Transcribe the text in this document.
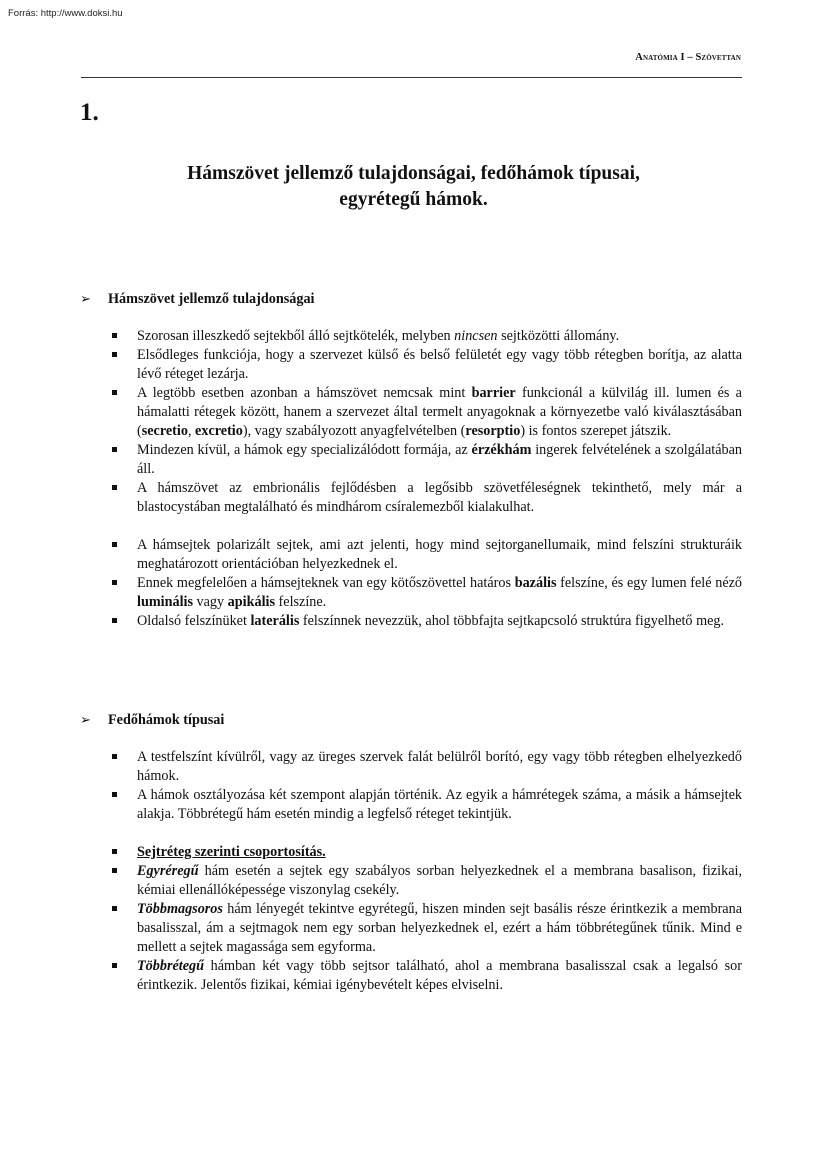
Forrás: http://www.doksi.hu
Anatómia I – Szövettan
1.
Hámszövet jellemző tulajdonságai, fedőhámok típusai,
egyrétegű hámok.
➢	Hámszövet jellemző tulajdonságai
Szorosan illeszkedő sejtekből álló sejtkötelék, melyben nincsen sejtközötti állomány.
Elsődleges funkciója, hogy a szervezet külső és belső felületét egy vagy több rétegben borítja, az alatta lévő réteget lezárja.
A legtöbb esetben azonban a hámszövet nemcsak mint barrier funkcionál a külvilág ill. lumen és a hámalatti rétegek között, hanem a szervezet által termelt anyagoknak a környezetbe való kiválasztásában (secretio, excretio), vagy szabályozott anyagfelvételben (resorptio) is fontos szerepet játszik.
Mindezen kívül, a hámok egy specializálódott formája, az érzékhám ingerek felvételének a szolgálatában áll.
A hámszövet az embrionális fejlődésben a legősibb szövetféleségnek tekinthető, mely már a blastocystában megtalálható és mindhárom csíralemezből kialakulhat.
A hámsejtek polarizált sejtek, ami azt jelenti, hogy mind sejtorganellumaik, mind felszíni strukturáik meghatározott orientációban helyezkednek el.
Ennek megfelelően a hámsejteknek van egy kötőszövettel határos bazális felszíne, és egy lumen felé néző luminális vagy apikális felszíne.
Oldalsó felszínüket laterális felszínnek nevezzük, ahol többfajta sejtkapcsoló struktúra figyelhető meg.
➢	Fedőhámok típusai
A testfelszínt kívülről, vagy az üreges szervek falát belülről borító, egy vagy több rétegben elhelyezkedő hámok.
A hámok osztályozása két szempont alapján történik. Az egyik a hámrétegek száma, a másik a hámsejtek alakja. Többrétegű hám esetén mindig a legfelső réteget tekintjük.
Sejtréteg szerinti csoportosítás.
Egyréregű hám esetén a sejtek egy szabályos sorban helyezkednek el a membrana basalison, fizikai, kémiai ellenállóképessége viszonylag csekély.
Többmagsoros hám lényegét tekintve egyrétegű, hiszen minden sejt basális része érintkezik a membrana basalisszal, ám a sejtmagok nem egy sorban helyezkednek el, ezért a hám többrétegűnek tűnik. Mind e mellett a sejtek magassága sem egyforma.
Többrétegű hámban két vagy több sejtsor található, ahol a membrana basalisszal csak a legalsó sor érintkezik. Jelentős fizikai, kémiai igénybevételt képes elviselni.
